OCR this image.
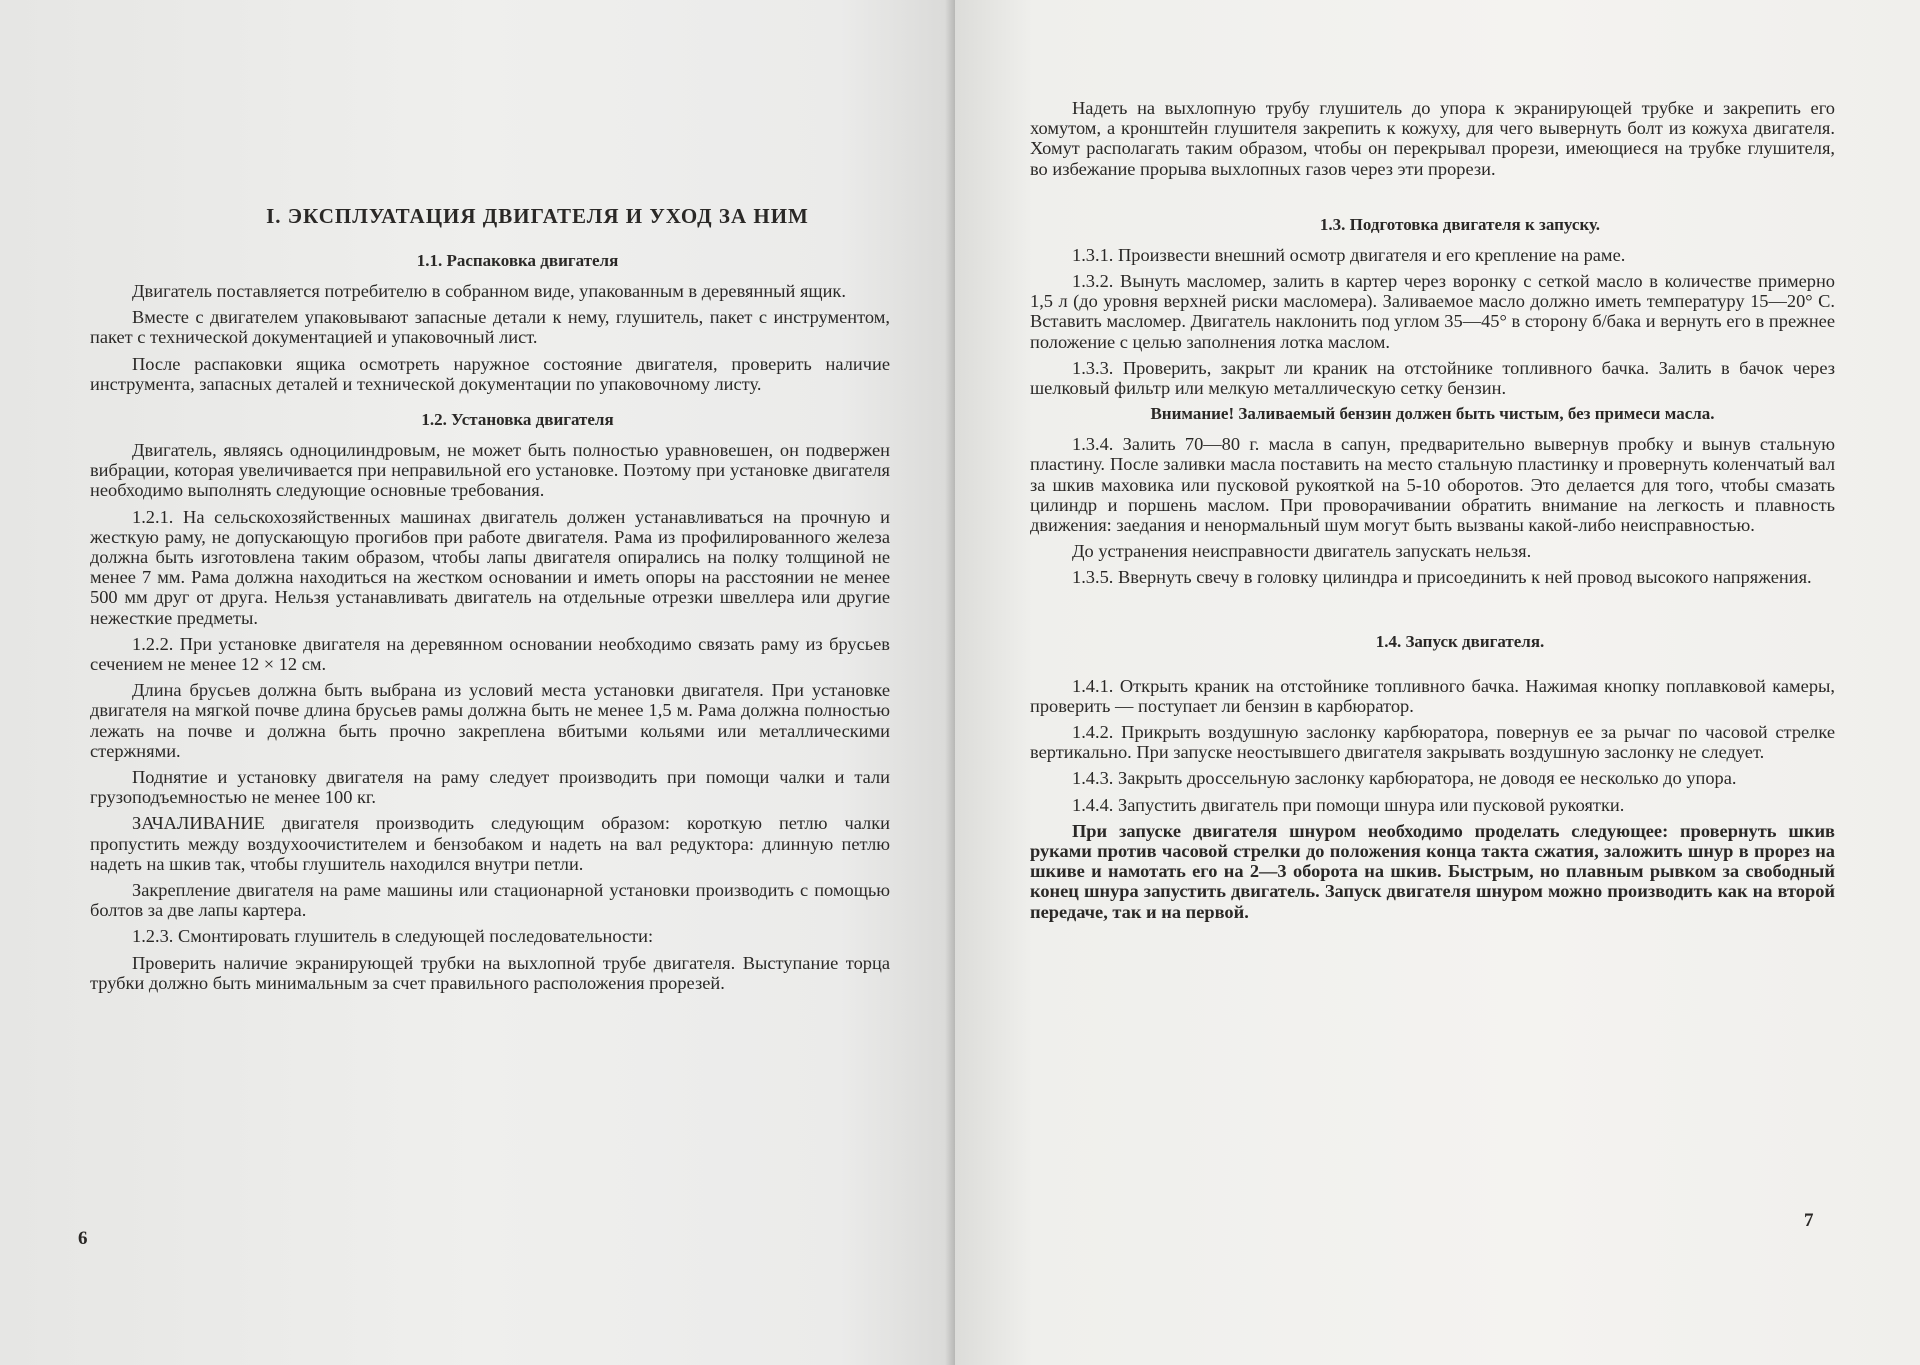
I. ЭКСПЛУАТАЦИЯ ДВИГАТЕЛЯ И УХОД ЗА НИМ
1.1. Распаковка двигателя

Двигатель поставляется потребителю в собранном виде, упакованным в деревянный ящик.

Вместе с двигателем упаковывают запасные детали к нему, глушитель, пакет с инструментом, пакет с технической документацией и упаковочный лист.

После распаковки ящика осмотреть наружное состояние двигателя, проверить наличие инструмента, запасных деталей и технической документации по упаковочному листу.

1.2. Установка двигателя

Двигатель, являясь одноцилиндровым, не может быть полностью уравновешен, он подвержен вибрации, которая увеличивается при неправильной его установке. Поэтому при установке двигателя необходимо выполнять следующие основные требования.

1.2.1. На сельскохозяйственных машинах двигатель должен устанавливаться на прочную и жесткую раму, не допускающую прогибов при работе двигателя. Рама из профилированного железа должна быть изготовлена таким образом, чтобы лапы двигателя опирались на полку толщиной не менее 7 мм. Рама должна находиться на жестком основании и иметь опоры на расстоянии не менее 500 мм друг от друга. Нельзя устанавливать двигатель на отдельные отрезки швеллера или другие нежесткие предметы.

1.2.2. При установке двигателя на деревянном основании необходимо связать раму из брусьев сечением не менее 12 × 12 см.

Длина брусьев должна быть выбрана из условий места установки двигателя. При установке двигателя на мягкой почве длина брусьев рамы должна быть не менее 1,5 м. Рама должна полностью лежать на почве и должна быть прочно закреплена вбитыми кольями или металлическими стержнями.

Поднятие и установку двигателя на раму следует производить при помощи чалки и тали грузоподъемностью не менее 100 кг.

ЗАЧАЛИВАНИЕ двигателя производить следующим образом: короткую петлю чалки пропустить между воздухоочистителем и бензобаком и надеть на вал редуктора: длинную петлю надеть на шкив так, чтобы глушитель находился внутри петли.

Закрепление двигателя на раме машины или стационарной установки производить с помощью болтов за две лапы картера.

1.2.3. Смонтировать глушитель в следующей последовательности:

Проверить наличие экранирующей трубки на выхлопной трубе двигателя. Выступание торца трубки должно быть минимальным за счет правильного расположения прорезей.

6

Надеть на выхлопную трубу глушитель до упора к экранирующей трубке и закрепить его хомутом, а кронштейн глушителя закрепить к кожуху, для чего вывернуть болт из кожуха двигателя. Хомут располагать таким образом, чтобы он перекрывал прорези, имеющиеся на трубке глушителя, во избежание прорыва выхлопных газов через эти прорези.

1.3. Подготовка двигателя к запуску.

1.3.1. Произвести внешний осмотр двигателя и его крепление на раме.

1.3.2. Вынуть масломер, залить в картер через воронку с сеткой масло в количестве примерно 1,5 л (до уровня верхней риски масломера). Заливаемое масло должно иметь температуру 15—20° С. Вставить масломер. Двигатель наклонить под углом 35—45° в сторону б/бака и вернуть его в прежнее положение с целью заполнения лотка маслом.

1.3.3. Проверить, закрыт ли краник на отстойнике топливного бачка. Залить в бачок через шелковый фильтр или мелкую металлическую сетку бензин.

Внимание! Заливаемый бензин должен быть чистым, без примеси масла.

1.3.4. Залить 70—80 г. масла в сапун, предварительно вывернув пробку и вынув стальную пластину. После заливки масла поставить на место стальную пластинку и провернуть коленчатый вал за шкив маховика или пусковой рукояткой на 5-10 оборотов. Это делается для того, чтобы смазать цилиндр и поршень маслом. При проворачивании обратить внимание на легкость и плавность движения: заедания и ненормальный шум могут быть вызваны какой-либо неисправностью.

До устранения неисправности двигатель запускать нельзя.

1.3.5. Ввернуть свечу в головку цилиндра и присоединить к ней провод высокого напряжения.

1.4. Запуск двигателя.

1.4.1. Открыть краник на отстойнике топливного бачка. Нажимая кнопку поплавковой камеры, проверить — поступает ли бензин в карбюратор.

1.4.2. Прикрыть воздушную заслонку карбюратора, повернув ее за рычаг по часовой стрелке вертикально. При запуске неостывшего двигателя закрывать воздушную заслонку не следует.

1.4.3. Закрыть дроссельную заслонку карбюратора, не доводя ее несколько до упора.

1.4.4. Запустить двигатель при помощи шнура или пусковой рукоятки.

При запуске двигателя шнуром необходимо проделать следующее: провернуть шкив руками против часовой стрелки до положения конца такта сжатия, заложить шнур в прорез на шкиве и намотать его на 2—3 оборота на шкив. Быстрым, но плавным рывком за свободный конец шнура запустить двигатель. Запуск двигателя шнуром можно производить как на второй передаче, так и на первой.

7
